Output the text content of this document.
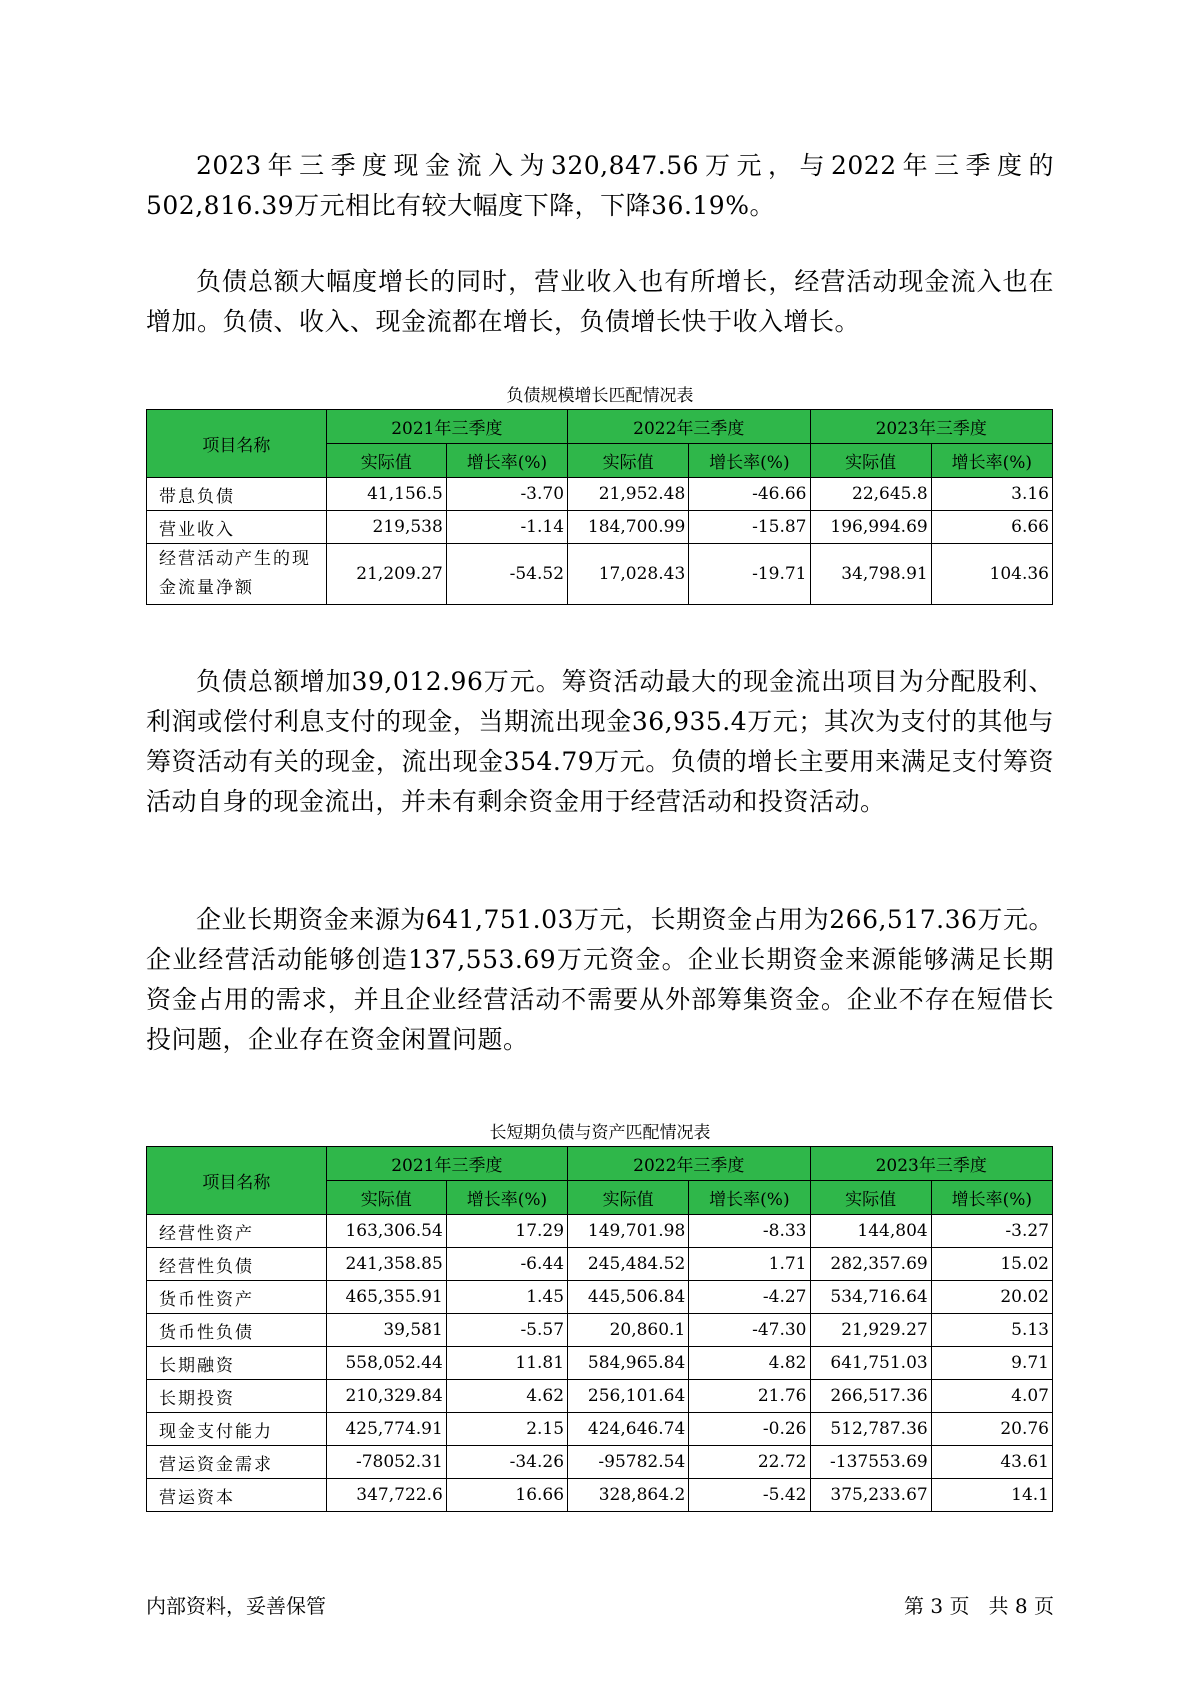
2023年三季度现金流入为320,847.56万元，与2022年三季度的502,816.39万元相比有较大幅度下降，下降36.19%。

负债总额大幅度增长的同时，营业收入也有所增长，经营活动现金流入也在增加。负债、收入、现金流都在增长，负债增长快于收入增长。

负债规模增长匹配情况表
项目名称	2021年三季度		2022年三季度		2023年三季度	
	实际值	增长率(%)	实际值	增长率(%)	实际值	增长率(%)
带息负债	41,156.5	-3.70	21,952.48	-46.66	22,645.8	3.16
营业收入	219,538	-1.14	184,700.99	-15.87	196,994.69	6.66
经营活动产生的现金流量净额	21,209.27	-54.52	17,028.43	-19.71	34,798.91	104.36

负债总额增加39,012.96万元。筹资活动最大的现金流出项目为分配股利、利润或偿付利息支付的现金，当期流出现金36,935.4万元；其次为支付的其他与筹资活动有关的现金，流出现金354.79万元。负债的增长主要用来满足支付筹资活动自身的现金流出，并未有剩余资金用于经营活动和投资活动。

企业长期资金来源为641,751.03万元，长期资金占用为266,517.36万元。企业经营活动能够创造137,553.69万元资金。企业长期资金来源能够满足长期资金占用的需求，并且企业经营活动不需要从外部筹集资金。企业不存在短借长投问题，企业存在资金闲置问题。

长短期负债与资产匹配情况表
项目名称	2021年三季度		2022年三季度		2023年三季度	
	实际值	增长率(%)	实际值	增长率(%)	实际值	增长率(%)
经营性资产	163,306.54	17.29	149,701.98	-8.33	144,804	-3.27
经营性负债	241,358.85	-6.44	245,484.52	1.71	282,357.69	15.02
货币性资产	465,355.91	1.45	445,506.84	-4.27	534,716.64	20.02
货币性负债	39,581	-5.57	20,860.1	-47.30	21,929.27	5.13
长期融资	558,052.44	11.81	584,965.84	4.82	641,751.03	9.71
长期投资	210,329.84	4.62	256,101.64	21.76	266,517.36	4.07
现金支付能力	425,774.91	2.15	424,646.74	-0.26	512,787.36	20.76
营运资金需求	-78052.31	-34.26	-95782.54	22.72	-137553.69	43.61
营运资本	347,722.6	16.66	328,864.2	-5.42	375,233.67	14.1
内部资料，妥善保管	第 3 页   共 8 页
